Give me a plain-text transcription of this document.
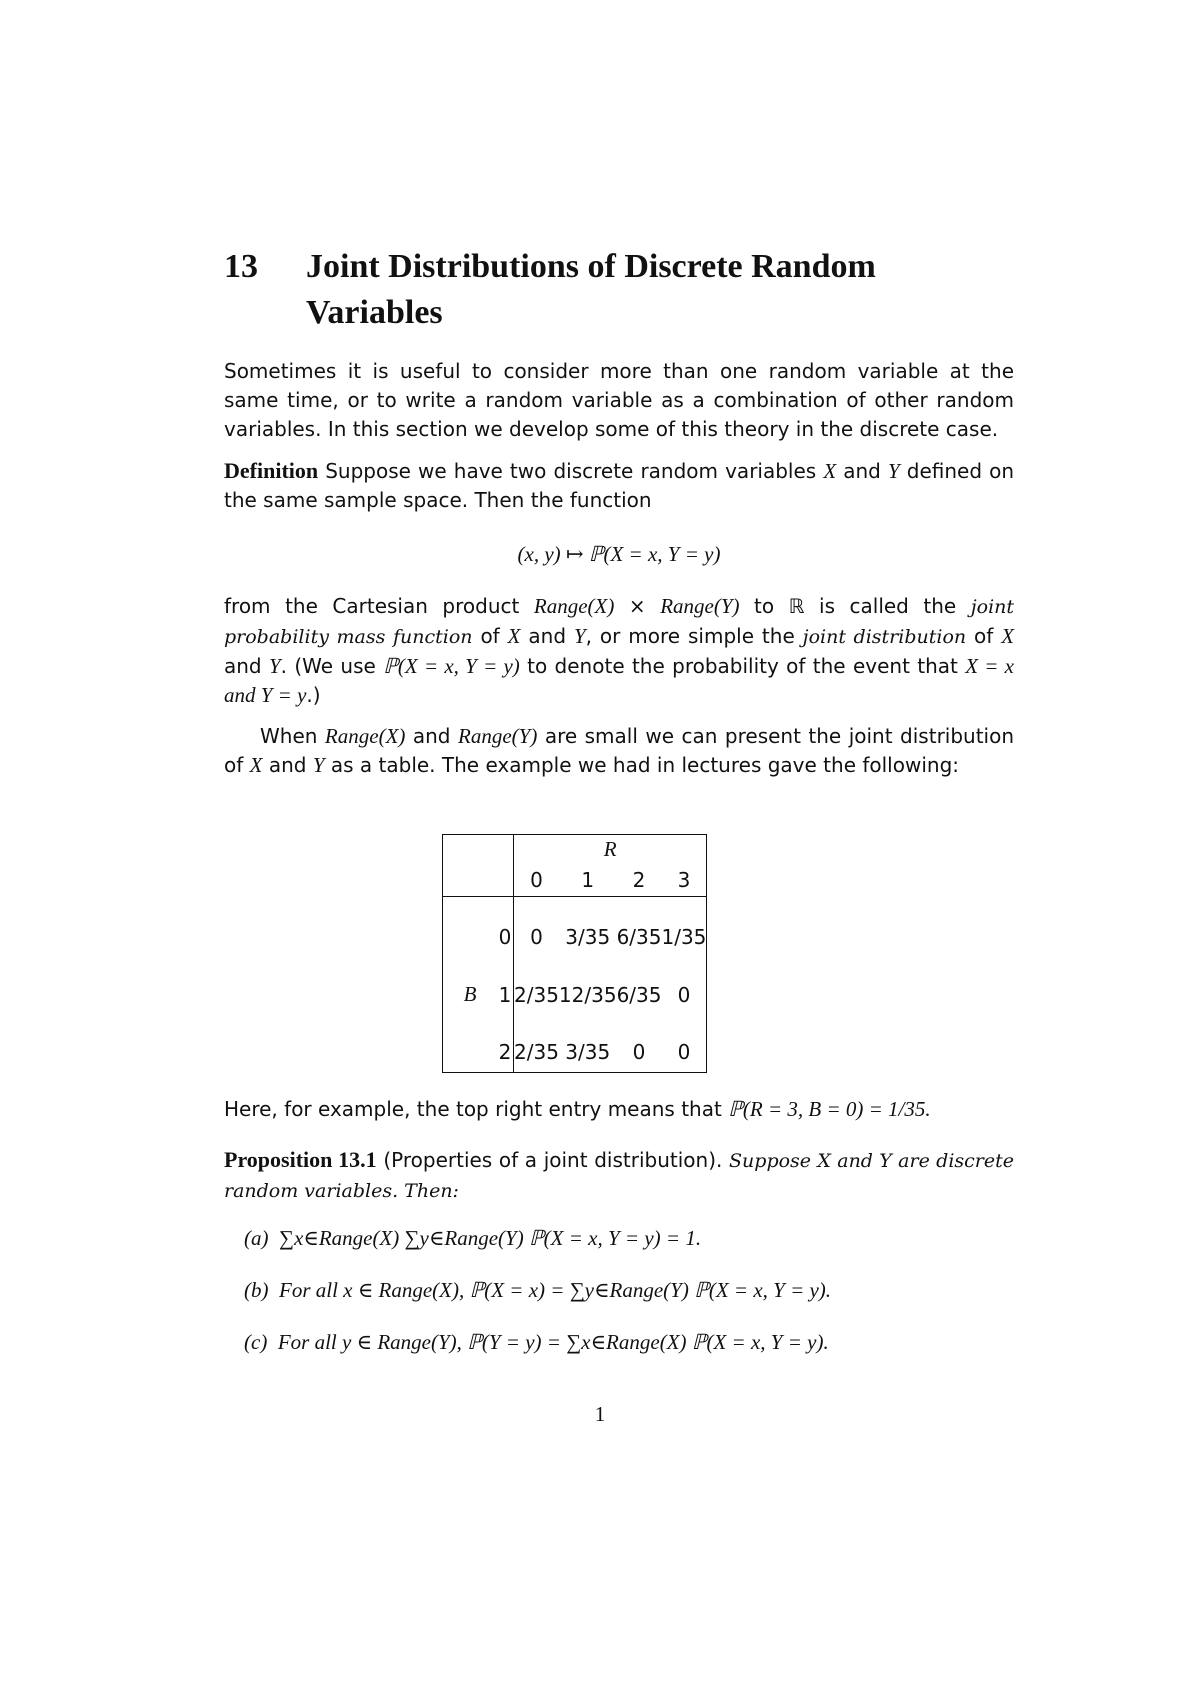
13 Joint Distributions of Discrete Random Variables
Sometimes it is useful to consider more than one random variable at the same time, or to write a random variable as a combination of other random variables. In this section we develop some of this theory in the discrete case.
Definition Suppose we have two discrete random variables X and Y defined on the same sample space. Then the function
(x, y) ↦ ℙ(X = x, Y = y)
from the Cartesian product Range(X) × Range(Y) to ℝ is called the joint probability mass function of X and Y, or more simple the joint distribution of X and Y. (We use ℙ(X = x, Y = y) to denote the probability of the event that X = x and Y = y.)
When Range(X) and Range(Y) are small we can present the joint distribution of X and Y as a table. The example we had in lectures gave the following:
		R			
		0	1	2	3

	0	0	3/35	6/35	1/35

B	1	2/35	12/35	6/35	0

	2	2/35	3/35	0	0
Here, for example, the top right entry means that ℙ(R = 3, B = 0) = 1/35.
Proposition 13.1 (Properties of a joint distribution). Suppose X and Y are discrete random variables. Then:
(a) ∑x∈Range(X) ∑y∈Range(Y) ℙ(X = x, Y = y) = 1.
(b) For all x ∈ Range(X), ℙ(X = x) = ∑y∈Range(Y) ℙ(X = x, Y = y).
(c) For all y ∈ Range(Y), ℙ(Y = y) = ∑x∈Range(X) ℙ(X = x, Y = y).
1
